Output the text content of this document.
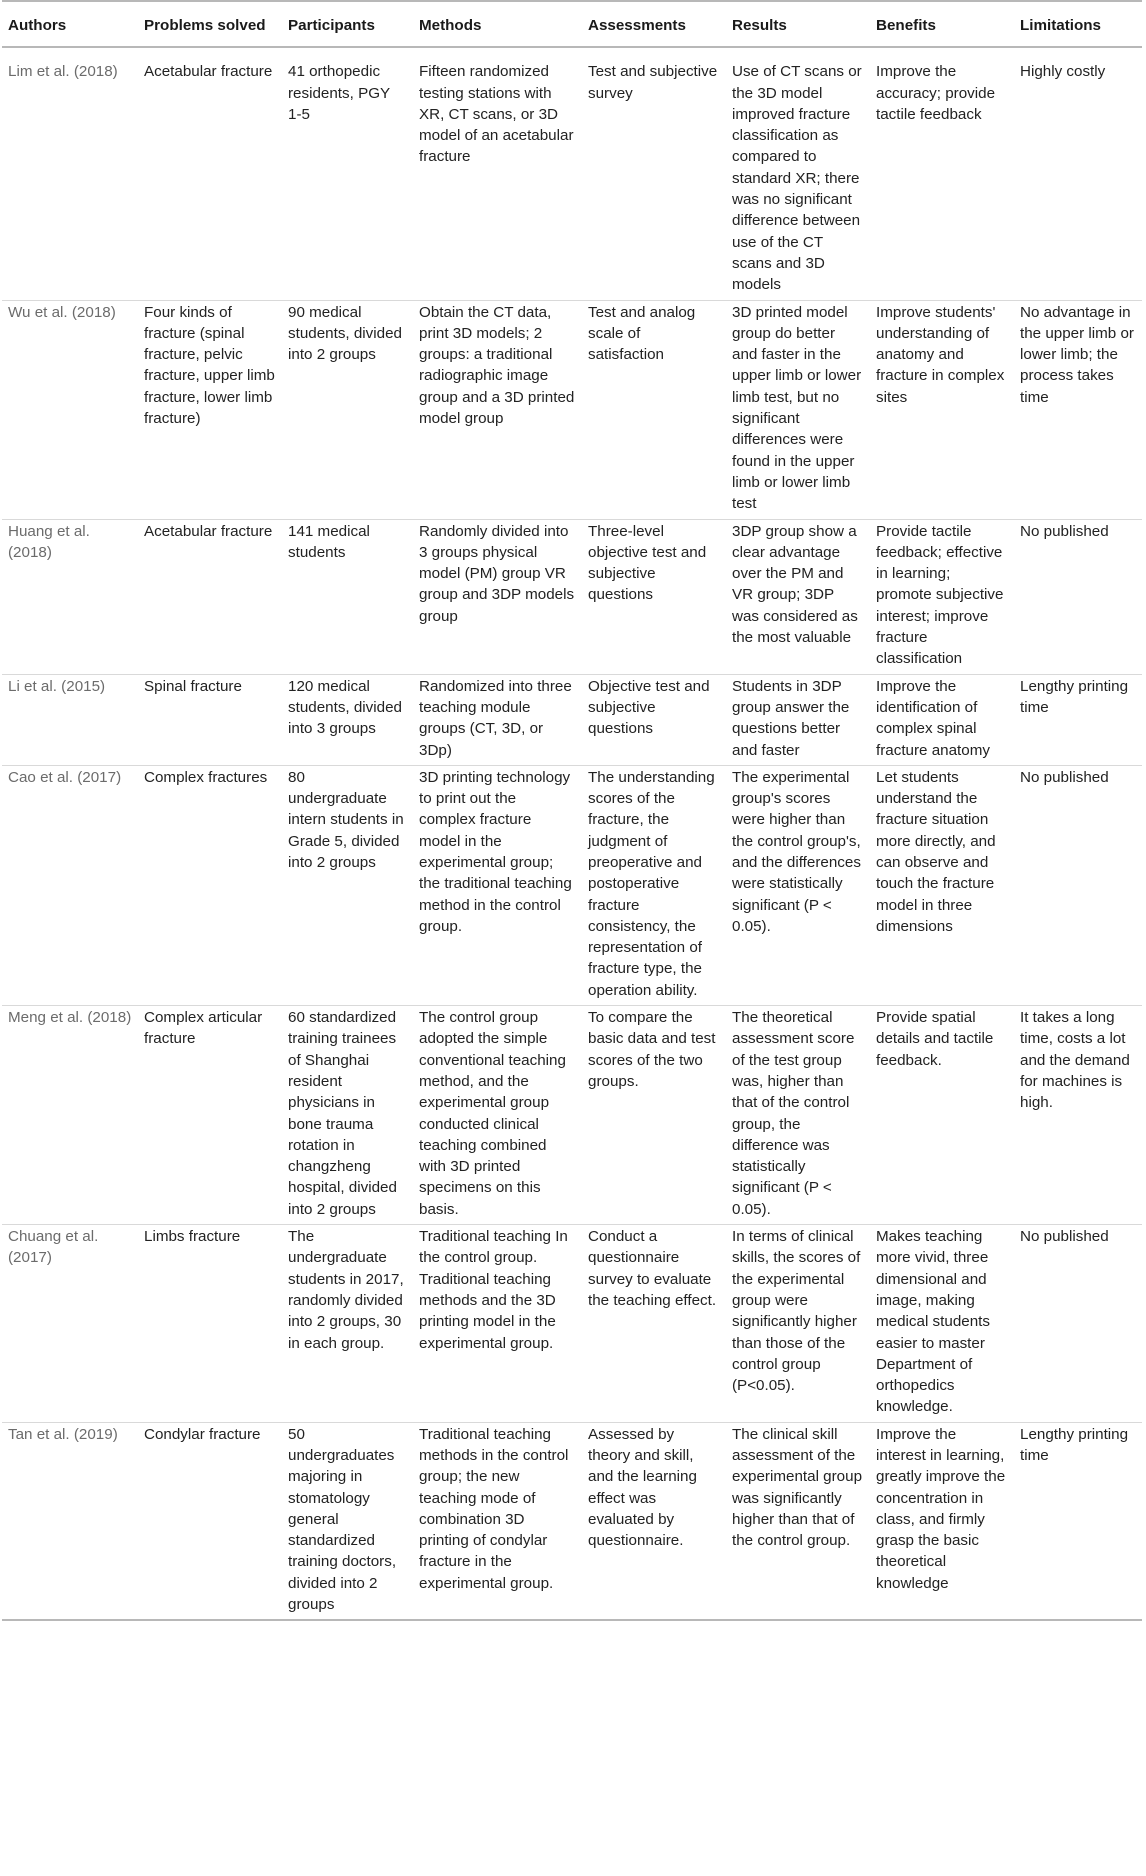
Authors	Problems solved	Participants	Methods	Assessments	Results	Benefits	Limitations
Lim et al. (2018)	Acetabular fracture	41 orthopedic residents, PGY 1-5	Fifteen randomized testing stations with XR, CT scans, or 3D model of an acetabular fracture	Test and subjective survey	Use of CT scans or the 3D model improved fracture classification as compared to standard XR; there was no significant difference between use of the CT scans and 3D models	Improve the accuracy; provide tactile feedback	Highly costly
Wu et al. (2018)	Four kinds of fracture (spinal fracture, pelvic fracture, upper limb fracture, lower limb fracture)	90 medical students, divided into 2 groups	Obtain the CT data, print 3D models; 2 groups: a traditional radiographic image group and a 3D printed model group	Test and analog scale of satisfaction	3D printed model group do better and faster in the upper limb or lower limb test, but no significant differences were found in the upper limb or lower limb test	Improve students' understanding of anatomy and fracture in complex sites	No advantage in the upper limb or lower limb; the process takes time
Huang et al. (2018)	Acetabular fracture	141 medical students	Randomly divided into 3 groups physical model (PM) group VR group and 3DP models group	Three-level objective test and subjective questions	3DP group show a clear advantage over the PM and VR group; 3DP was considered as the most valuable	Provide tactile feedback; effective in learning; promote subjective interest; improve fracture classification	No published
Li et al. (2015)	Spinal fracture	120 medical students, divided into 3 groups	Randomized into three teaching module groups (CT, 3D, or 3Dp)	Objective test and subjective questions	Students in 3DP group answer the questions better and faster	Improve the identification of complex spinal fracture anatomy	Lengthy printing time
Cao et al. (2017)	Complex fractures	80 undergraduate intern students in Grade 5, divided into 2 groups	3D printing technology to print out the complex fracture model in the experimental group; the traditional teaching method in the control group.	The understanding scores of the fracture, the judgment of preoperative and postoperative fracture consistency, the representation of fracture type, the operation ability.	The experimental group's scores were higher than the control group's, and the differences were statistically significant (P < 0.05).	Let students understand the fracture situation more directly, and can observe and touch the fracture model in three dimensions	No published
Meng et al. (2018)	Complex articular fracture	60 standardized training trainees of Shanghai resident physicians in bone trauma rotation in changzheng hospital, divided into 2 groups	The control group adopted the simple conventional teaching method, and the experimental group conducted clinical teaching combined with 3D printed specimens on this basis.	To compare the basic data and test scores of the two groups.	The theoretical assessment score of the test group was, higher than that of the control group, the difference was statistically significant (P < 0.05).	Provide spatial details and tactile feedback.	It takes a long time, costs a lot and the demand for machines is high.
Chuang et al. (2017)	Limbs fracture	The undergraduate students in 2017, randomly divided into 2 groups, 30 in each group.	Traditional teaching In the control group. Traditional teaching methods and the 3D printing model in the experimental group.	Conduct a questionnaire survey to evaluate the teaching effect.	In terms of clinical skills, the scores of the experimental group were significantly higher than those of the control group (P<0.05).	Makes teaching more vivid, three dimensional and image, making medical students easier to master Department of orthopedics knowledge.	No published
Tan et al. (2019)	Condylar fracture	50 undergraduates majoring in stomatology general standardized training doctors, divided into 2 groups	Traditional teaching methods in the control group; the new teaching mode of combination 3D printing of condylar fracture in the experimental group.	Assessed by theory and skill, and the learning effect was evaluated by questionnaire.	The clinical skill assessment of the experimental group was significantly higher than that of the control group.	Improve the interest in learning, greatly improve the concentration in class, and firmly grasp the basic theoretical knowledge	Lengthy printing time
